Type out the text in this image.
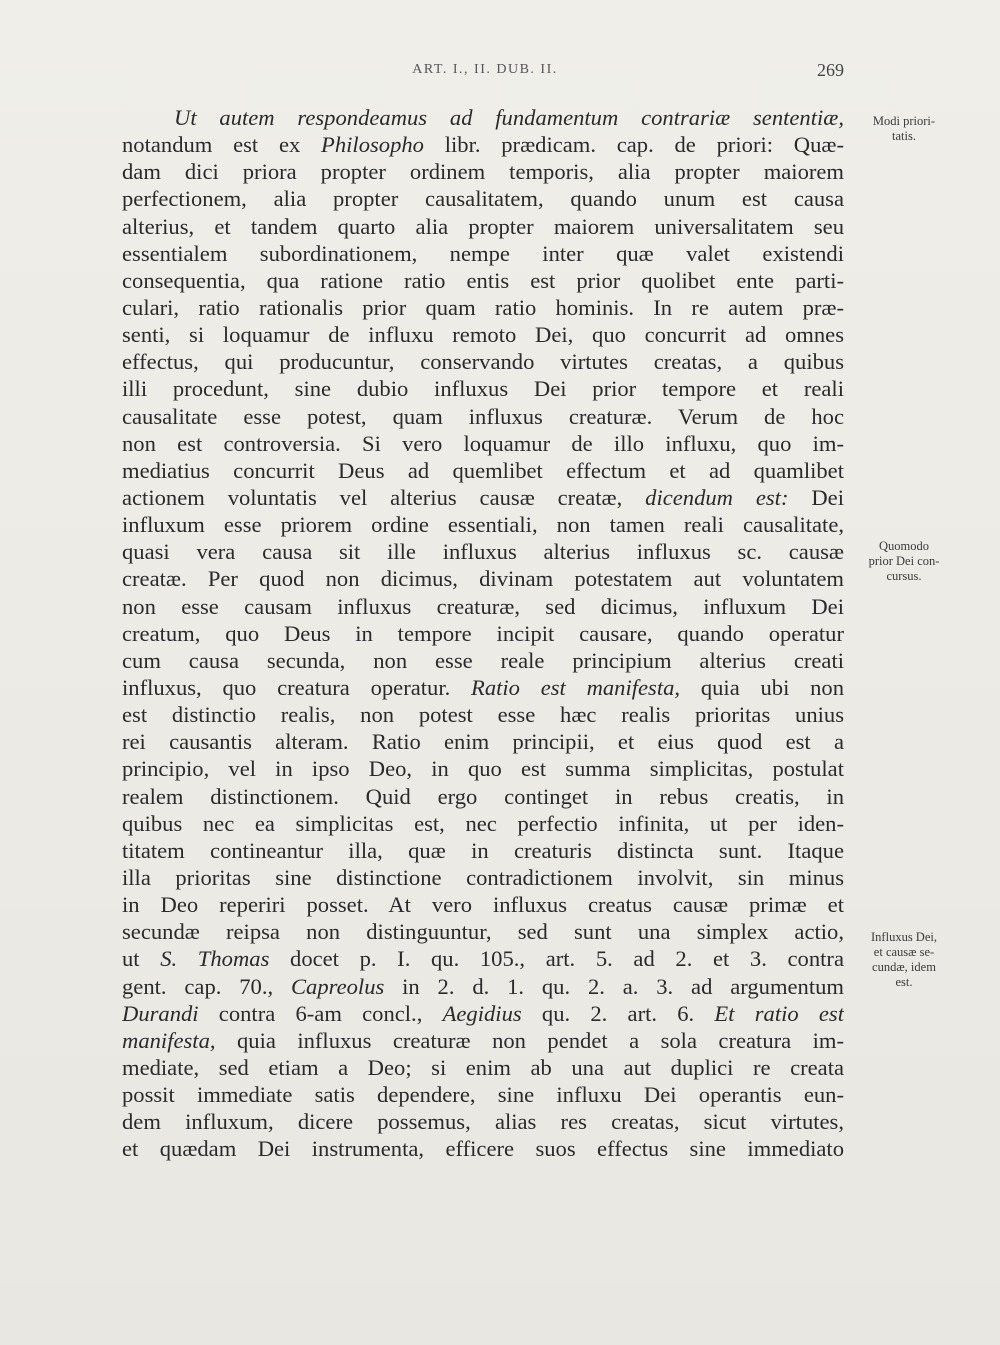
ART. I., II. DUB. II.	269
Ut autem respondeamus ad fundamentum contrariæ sententiæ,
notandum est ex Philosopho libr. prædicam. cap. de priori: Quæ-
dam dici priora propter ordinem temporis, alia propter maiorem
perfectionem, alia propter causalitatem, quando unum est causa
alterius, et tandem quarto alia propter maiorem universalitatem seu
essentialem subordinationem, nempe inter quæ valet existendi
consequentia, qua ratione ratio entis est prior quolibet ente parti-
culari, ratio rationalis prior quam ratio hominis. In re autem præ-
senti, si loquamur de influxu remoto Dei, quo concurrit ad omnes
effectus, qui producuntur, conservando virtutes creatas, a quibus
illi procedunt, sine dubio influxus Dei prior tempore et reali
causalitate esse potest, quam influxus creaturæ. Verum de hoc
non est controversia. Si vero loquamur de illo influxu, quo im-
mediatius concurrit Deus ad quemlibet effectum et ad quamlibet
actionem voluntatis vel alterius causæ creatæ, dicendum est: Dei
influxum esse priorem ordine essentiali, non tamen reali causalitate,
quasi vera causa sit ille influxus alterius influxus sc. causæ
creatæ. Per quod non dicimus, divinam potestatem aut voluntatem
non esse causam influxus creaturæ, sed dicimus, influxum Dei
creatum, quo Deus in tempore incipit causare, quando operatur
cum causa secunda, non esse reale principium alterius creati
influxus, quo creatura operatur. Ratio est manifesta, quia ubi non
est distinctio realis, non potest esse hæc realis prioritas unius
rei causantis alteram. Ratio enim principii, et eius quod est a
principio, vel in ipso Deo, in quo est summa simplicitas, postulat
realem distinctionem. Quid ergo continget in rebus creatis, in
quibus nec ea simplicitas est, nec perfectio infinita, ut per iden-
titatem contineantur illa, quæ in creaturis distincta sunt. Itaque
illa prioritas sine distinctione contradictionem involvit, sin minus
in Deo reperiri posset. At vero influxus creatus causæ primæ et
secundæ reipsa non distinguuntur, sed sunt una simplex actio,
ut S. Thomas docet p. I. qu. 105., art. 5. ad 2. et 3. contra
gent. cap. 70., Capreolus in 2. d. 1. qu. 2. a. 3. ad argumentum
Durandi contra 6-am concl., Aegidius qu. 2. art. 6. Et ratio est
manifesta, quia influxus creaturæ non pendet a sola creatura im-
mediate, sed etiam a Deo; si enim ab una aut duplici re creata
possit immediate satis dependere, sine influxu Dei operantis eun-
dem influxum, dicere possemus, alias res creatas, sicut virtutes,
et quædam Dei instrumenta, efficere suos effectus sine immediato
Modi priori-
tatis.
Quomodo
prior Dei con-
cursus.
Influxus Dei,
et causæ se-
cundæ, idem
est.
